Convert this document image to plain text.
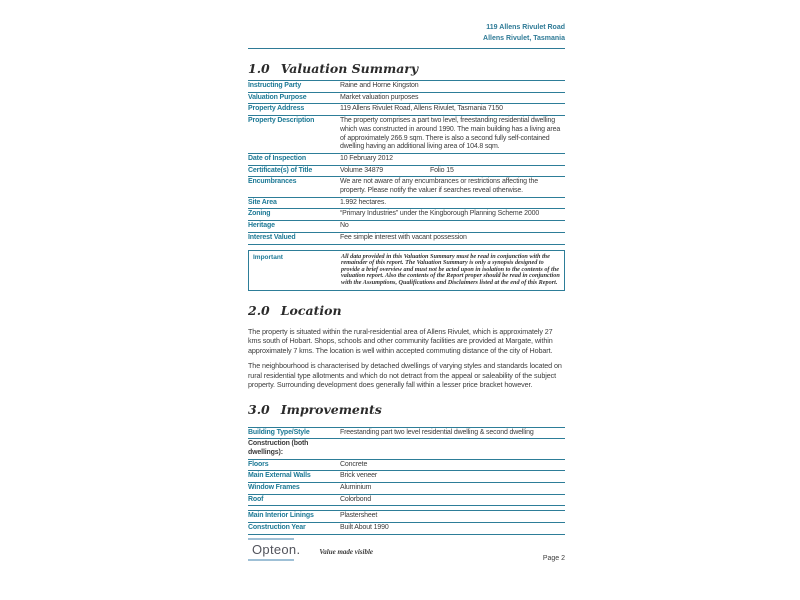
119 Allens Rivulet Road
Allens Rivulet, Tasmania
1.0 Valuation Summary
Instructing Party	Raine and Horne Kingston
Valuation Purpose	Market valuation purposes
Property Address	119 Allens Rivulet Road, Allens Rivulet, Tasmania 7150
Property Description	The property comprises a part two level, freestanding residential dwelling which was constructed in around 1990. The main building has a living area of approximately 266.9 sqm. There is also a second fully self-contained dwelling having an additional living area of 104.8 sqm.
Date of Inspection	10 February 2012
Certificate(s) of Title	Volume 34879	Folio 15
Encumbrances	We are not aware of any encumbrances or restrictions affecting the property. Please notify the valuer if searches reveal otherwise.
Site Area	1.992 hectares.
Zoning	“Primary Industries” under the Kingborough Planning Scheme 2000
Heritage	No
Interest Valued	Fee simple interest with vacant possession
Important	All data provided in this Valuation Summary must be read in conjunction with the remainder of this report. The Valuation Summary is only a synopsis designed to provide a brief overview and must not be acted upon in isolation to the contents of the valuation report. Also the contents of the Report proper should be read in conjunction with the Assumptions, Qualifications and Disclaimers listed at the end of this Report.
2.0 Location
The property is situated within the rural-residential area of Allens Rivulet, which is approximately 27 kms south of Hobart. Shops, schools and other community facilities are provided at Margate, within approximately 7 kms. The location is well within accepted commuting distance of the city of Hobart.
The neighbourhood is characterised by detached dwellings of varying styles and standards located on rural residential type allotments and which do not detract from the appeal or saleability of the subject property. Surrounding development does generally fall within a lesser price bracket however.
3.0 Improvements
Building Type/Style	Freestanding part two level residential dwelling & second dwelling
Construction (both dwellings):
Floors	Concrete
Main External Walls	Brick veneer
Window Frames	Aluminium
Roof	Colorbond
Main Interior Linings	Plastersheet
Construction Year	Built About 1990
Opteon.	Value made visible
Page 2
